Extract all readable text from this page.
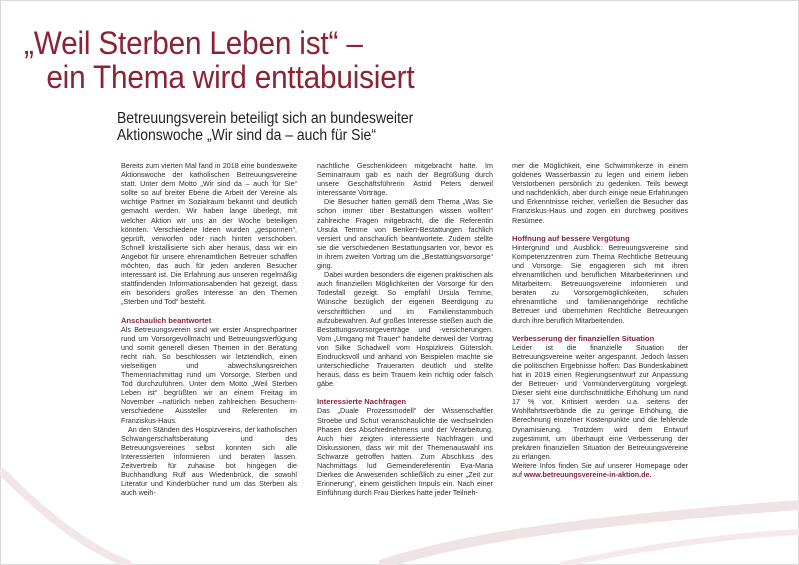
„Weil Sterben Leben ist“ –
ein Thema wird enttabuisiert
Betreuungsverein beteiligt sich an bundesweiter
Aktionswoche „Wir sind da – auch für Sie“

Bereits zum vierten Mal fand in 2018 eine bundesweite Aktionswoche der katholischen Betreuungsvereine statt. Unter dem Motto „Wir sind da – auch für Sie“ sollte so auf breiter Ebene die Arbeit der Vereine als wichtige Partner im Sozialraum bekannt und deutlich gemacht werden. Wir haben lange überlegt, mit welcher Aktion wir uns an der Woche beteiligen könnten. Verschiedene Ideen wurden „gesponnen“, geprüft, verworfen oder nach hinten verschoben. Schnell kristallisierte sich aber heraus, dass wir ein Angebot für unsere ehrenamtlichen Betreuer schaffen möchten, das auch für jeden anderen Besucher interessant ist. Die Erfahrung aus unseren regelmäßig stattfindenden Informationsabenden hat gezeigt, dass ein besonders großes Interesse an den Themen „Sterben und Tod“ besteht.

Anschaulich beantwortet

Als Betreuungsverein sind wir erster Ansprechpartner rund um Vorsorgevollmacht und Betreuungsverfügung und somit generell diesen Themen in der Beratung recht nah. So beschlossen wir letztendlich, einen vielseitigen und abwechslungsreichen Themennachmittag rund um Vorsorge, Sterben und Tod durchzuführen. Unter dem Motto „Weil Sterben Leben ist“ begrüßten wir an einem Freitag im November –natürlich neben zahlreichen Besuchern- verschiedene Aussteller und Referenten im Franziskus-Haus.

An den Ständen des Hospizvereins, der katholischen Schwangerschaftsberatung und des Betreuungsvereines selbst konnten sich alle Interessierten informieren und beraten lassen. Zeitvertreib für zuhause bot hingegen die Buchhandlung Rulf aus Wiedenbrück, die sowohl Literatur und Kinderbücher rund um das Sterben als auch weih-

nachtliche Geschenkideen mitgebracht hatte. Im Seminarraum gab es nach der Begrüßung durch unsere Geschäftsführerin Astrid Peters derweil interessante Vorträge.

Die Besucher hatten gemäß dem Thema „Was Sie schon immer über Bestattungen wissen wollten“ zahlreiche Fragen mitgebracht, die die Referentin Ursula Temme von Benkert-Bestattungen fachlich versiert und anschaulich beantwortete. Zudem stellte sie die verschiedenen Bestattungsarten vor, bevor es in ihrem zweiten Vortrag um die „Bestattungsvorsorge“ ging.

Dabei wurden besonders die eigenen praktischen als auch finanziellen Möglichkeiten der Vorsorge für den Todesfall gezeigt. So empfahl Ursula Temme, Wünsche bezüglich der eigenen Beerdigung zu verschriftlichen und im Familienstammbuch aufzubewahren. Auf großes Interesse stießen auch die Bestattungsvorsorgeverträge und -versicherungen. Vom „Umgang mit Trauer“ handelte derweil der Vortrag von Silke Schadwell vom Hospizkreis Gütersloh. Eindrucksvoll und anhand von Beispielen machte sie unterschiedliche Trauerarten deutlich und stellte heraus, dass es beim Trauern kein richtig oder falsch gäbe.

Interessierte Nachfragen

Das „Duale Prozessmodell“ der Wissenschaftler Stroebe und Schut veranschaulichte die wechselnden Phasen des Abschiednehmens und der Verarbeitung. Auch hier zeigten interessierte Nachfragen und Diskussionen, dass wir mit der Themenauswahl ins Schwarze getroffen hatten. Zum Abschluss des Nachmittags lud Gemeindereferentin Eva-Maria Dierkes die Anwesenden schließlich zu einer „Zeit zur Erinnerung“, einem geistlichen Impuls ein. Nach einer Einführung durch Frau Dierkes hatte jeder Teilneh-

mer die Möglichkeit, eine Schwimmkerze in einem goldenes Wasserbassin zu legen und einem lieben Verstorbenen persönlich zu gedenken. Teils bewegt und nachdenklich, aber durch einige neue Erfahrungen und Erkenntnisse reicher, verließen die Besucher das Franziskus-Haus und zogen ein durchweg positives Resümee.

Hoffnung auf bessere Vergütung

Hintergrund und Ausblick: Betreuungsvereine sind Kompetenzzentren zum Thema Rechtliche Betreuung und Vorsorge. Sie engagieren sich mit ihren ehrenamtlichen und beruflichen Mitarbeiterinnen und Mitarbeitern. Betreuungsvereine informieren und beraten zu Vorsorgemöglichkeiten, schulen ehrenamtliche und familienangehörige rechtliche Betreuer und übernehmen Rechtliche Betreuungen durch ihre beruflich Mitarbeitenden.

Verbesserung der finanziellen Situation

Leider ist die finanzielle Situation der Betreuungsvereine weiter angespannt. Jedoch lassen die politischen Ergebnisse hoffen: Das Bundeskabinett hat in 2019 einen Regierungsentwurf zur Anpassung der Betreuer- und Vormündervergütung vorgelegt. Dieser sieht eine durchschnittliche Erhöhung um rund 17 % vor. Kritisiert werden u.a. seitens der Wohlfahrtsverbände die zu geringe Erhöhung, die Berechnung einzelner Kostenpunkte und die fehlende Dynamisierung. Trotzdem wird dem Entwurf zugestimmt, um überhaupt eine Verbesserung der prekären finanziellen Situation der Betreuungsvereine zu erlangen.

Weitere Infos finden Sie auf unserer Homepage oder auf www.betreuungsvereine-in-aktion.de.
